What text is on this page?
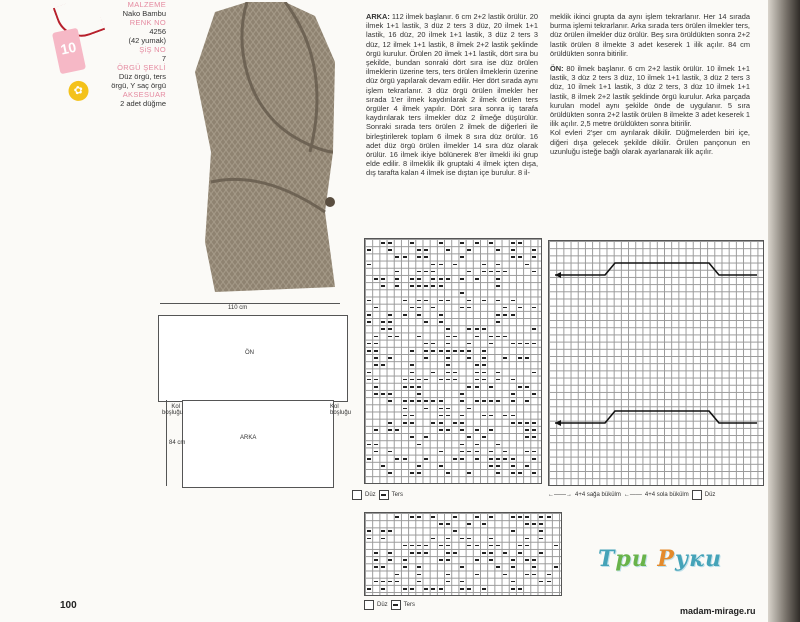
10
✿
MALZEME
Nako Bambu
RENK NO
4256
(42 yumak)
ŞiŞ NO
7
ÖRGÜ ŞEKLİ
Düz örgü, ters
örgü, Y saç örgü
AKSESUAR
2 adet düğme
110 cm
ÖN
ARKA
84 cm
Kol
boşluğu
Kol
boşluğu
ARKA: 112 ilmek başlanır. 6 cm 2+2 lastik örülür. 20 ilmek 1+1 lastik, 3 düz 2 ters 3 düz, 20 ilmek 1+1 lastik, 16 düz, 20 ilmek 1+1 lastik, 3 düz 2 ters 3 düz, 12 ilmek 1+1 lastik, 8 ilmek 2+2 lastik şeklinde örgü kurulur. Örülen 20 ilmek 1+1 lastik, dört sıra bu şekilde, bundan sonraki dört sıra ise düz örülen ilmeklerin üzerine ters, ters örülen ilmeklerin üzerine düz örgü yapılarak devam edilir. Her dört sırada aynı işlem tekrarlanır. 3 düz örgü örülen ilmekler her sırada 1'er ilmek kaydırılarak 2 ilmek örülen ters örgüler 4 ilmek yapılır. Dört sıra sonra iç tarafa kaydırılarak ters ilmekler düz 2 ilmeğe düşürülür. Sonraki sırada ters örülen 2 ilmek de diğerleri ile birleştirilerek toplam 6 ilmek 8 sıra düz örülür. 16 adet düz örgü örülen ilmekler 14 sıra düz olarak örülür. 16 ilmek ikiye bölünerek 8'er ilmekli iki grup elde edilir. 8 ilmeklik ilk gruptaki 4 ilmek içten dışa, dış tarafta kalan 4 ilmek ise dıştan içe burulur. 8 il-
meklik ikinci grupta da aynı işlem tekrarlanır. Her 14 sırada burma işlemi tekrarlanır. Arka sırada ters örülen ilmekler ters, düz örülen ilmekler düz örülür. Beş sıra örüldükten sonra 2+2 lastik örülen 8 ilmekte 3 adet keserek 1 ilik açılır. 84 cm örüldükten sonra bitirilir.
ÖN: 80 ilmek başlanır. 6 cm 2+2 lastik örülür. 10 ilmek 1+1 lastik, 3 düz 2 ters 3 düz, 10 ilmek 1+1 lastik, 3 düz 2 ters 3 düz, 10 ilmek 1+1 lastik, 3 düz 2 ters, 3 düz 10 ilmek 1+1 lastik, 8 ilmek 2+2 lastik şeklinde örgü kurulur. Arka parçada kurulan model aynı şekilde önde de uygulanır. 5 sıra örüldükten sonra 2+2 lastik örülen 8 ilmekte 3 adet keserek 1 ilik açılır. 2,5 metre örüldükten sonra bitirilir.
Kol evleri 2'şer cm ayrılarak dikilir. Düğmelerden biri içe, diğeri dışa gelecek şekilde dikilir. Örülen pançonun en uzunluğu isteğe bağlı olarak ayarlanarak ilik açılır.
Düz	Ters
Düz	Ters
←——→ 4+4 sağa bükülm ←—— 4+4 sola bükülm	Düz
100
Три Руки
madam-mirage.ru
